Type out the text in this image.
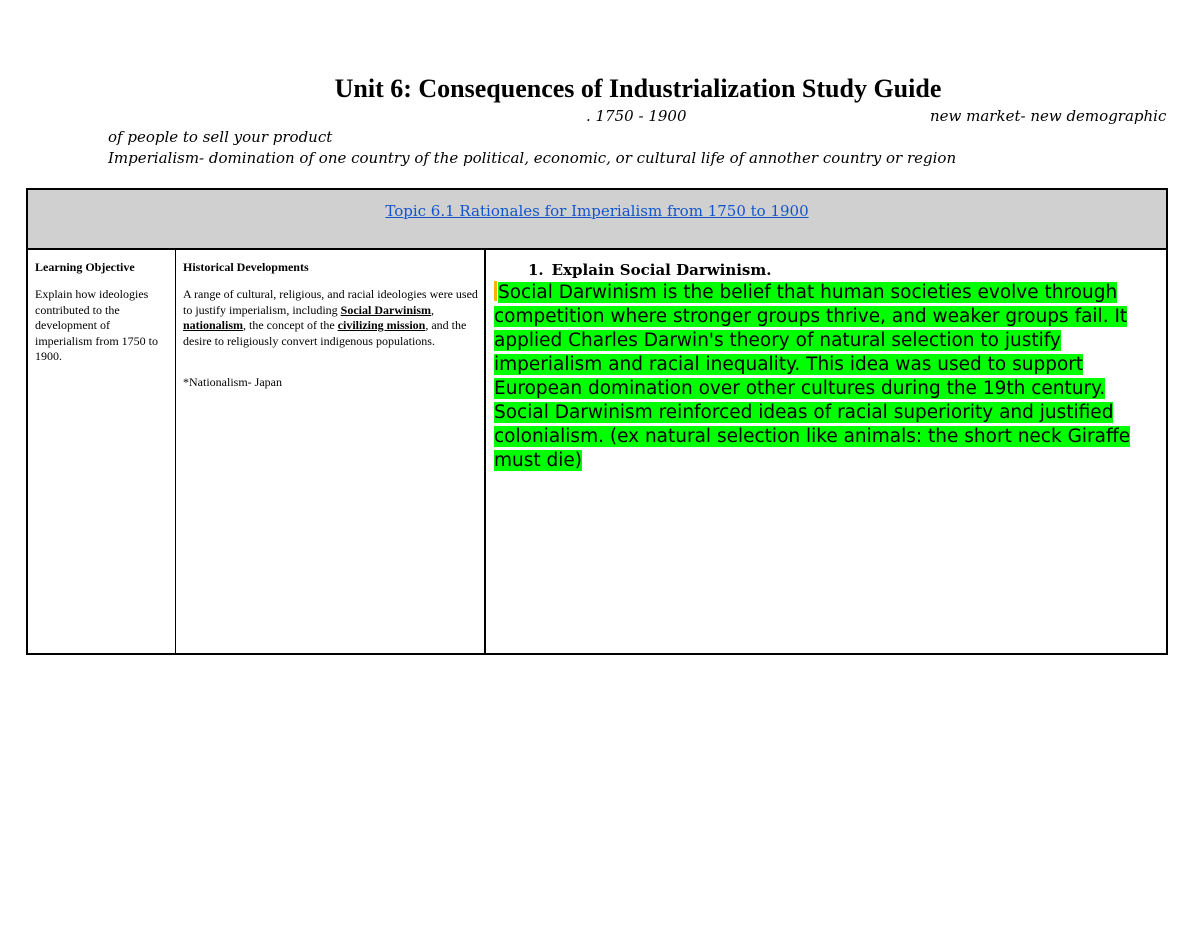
Unit 6: Consequences of Industrialization Study Guide
. 1750 - 1900	new market- new demographic
of people to sell your product
Imperialism- domination of one country of the political, economic, or cultural life of annother country or region
Topic 6.1 Rationales for Imperialism from 1750 to 1900
Learning Objective
Explain how ideologies contributed to the development of imperialism from 1750 to 1900.
Historical Developments
A range of cultural, religious, and racial ideologies were used to justify imperialism, including Social Darwinism, nationalism, the concept of the civilizing mission, and the desire to religiously convert indigenous populations.
*Nationalism- Japan
1. Explain Social Darwinism.
Social Darwinism is the belief that human societies evolve through competition where stronger groups thrive, and weaker groups fail. It applied Charles Darwin's theory of natural selection to justify imperialism and racial inequality. This idea was used to support European domination over other cultures during the 19th century. Social Darwinism reinforced ideas of racial superiority and justified colonialism. (ex natural selection like animals: the short neck Giraffe must die)
